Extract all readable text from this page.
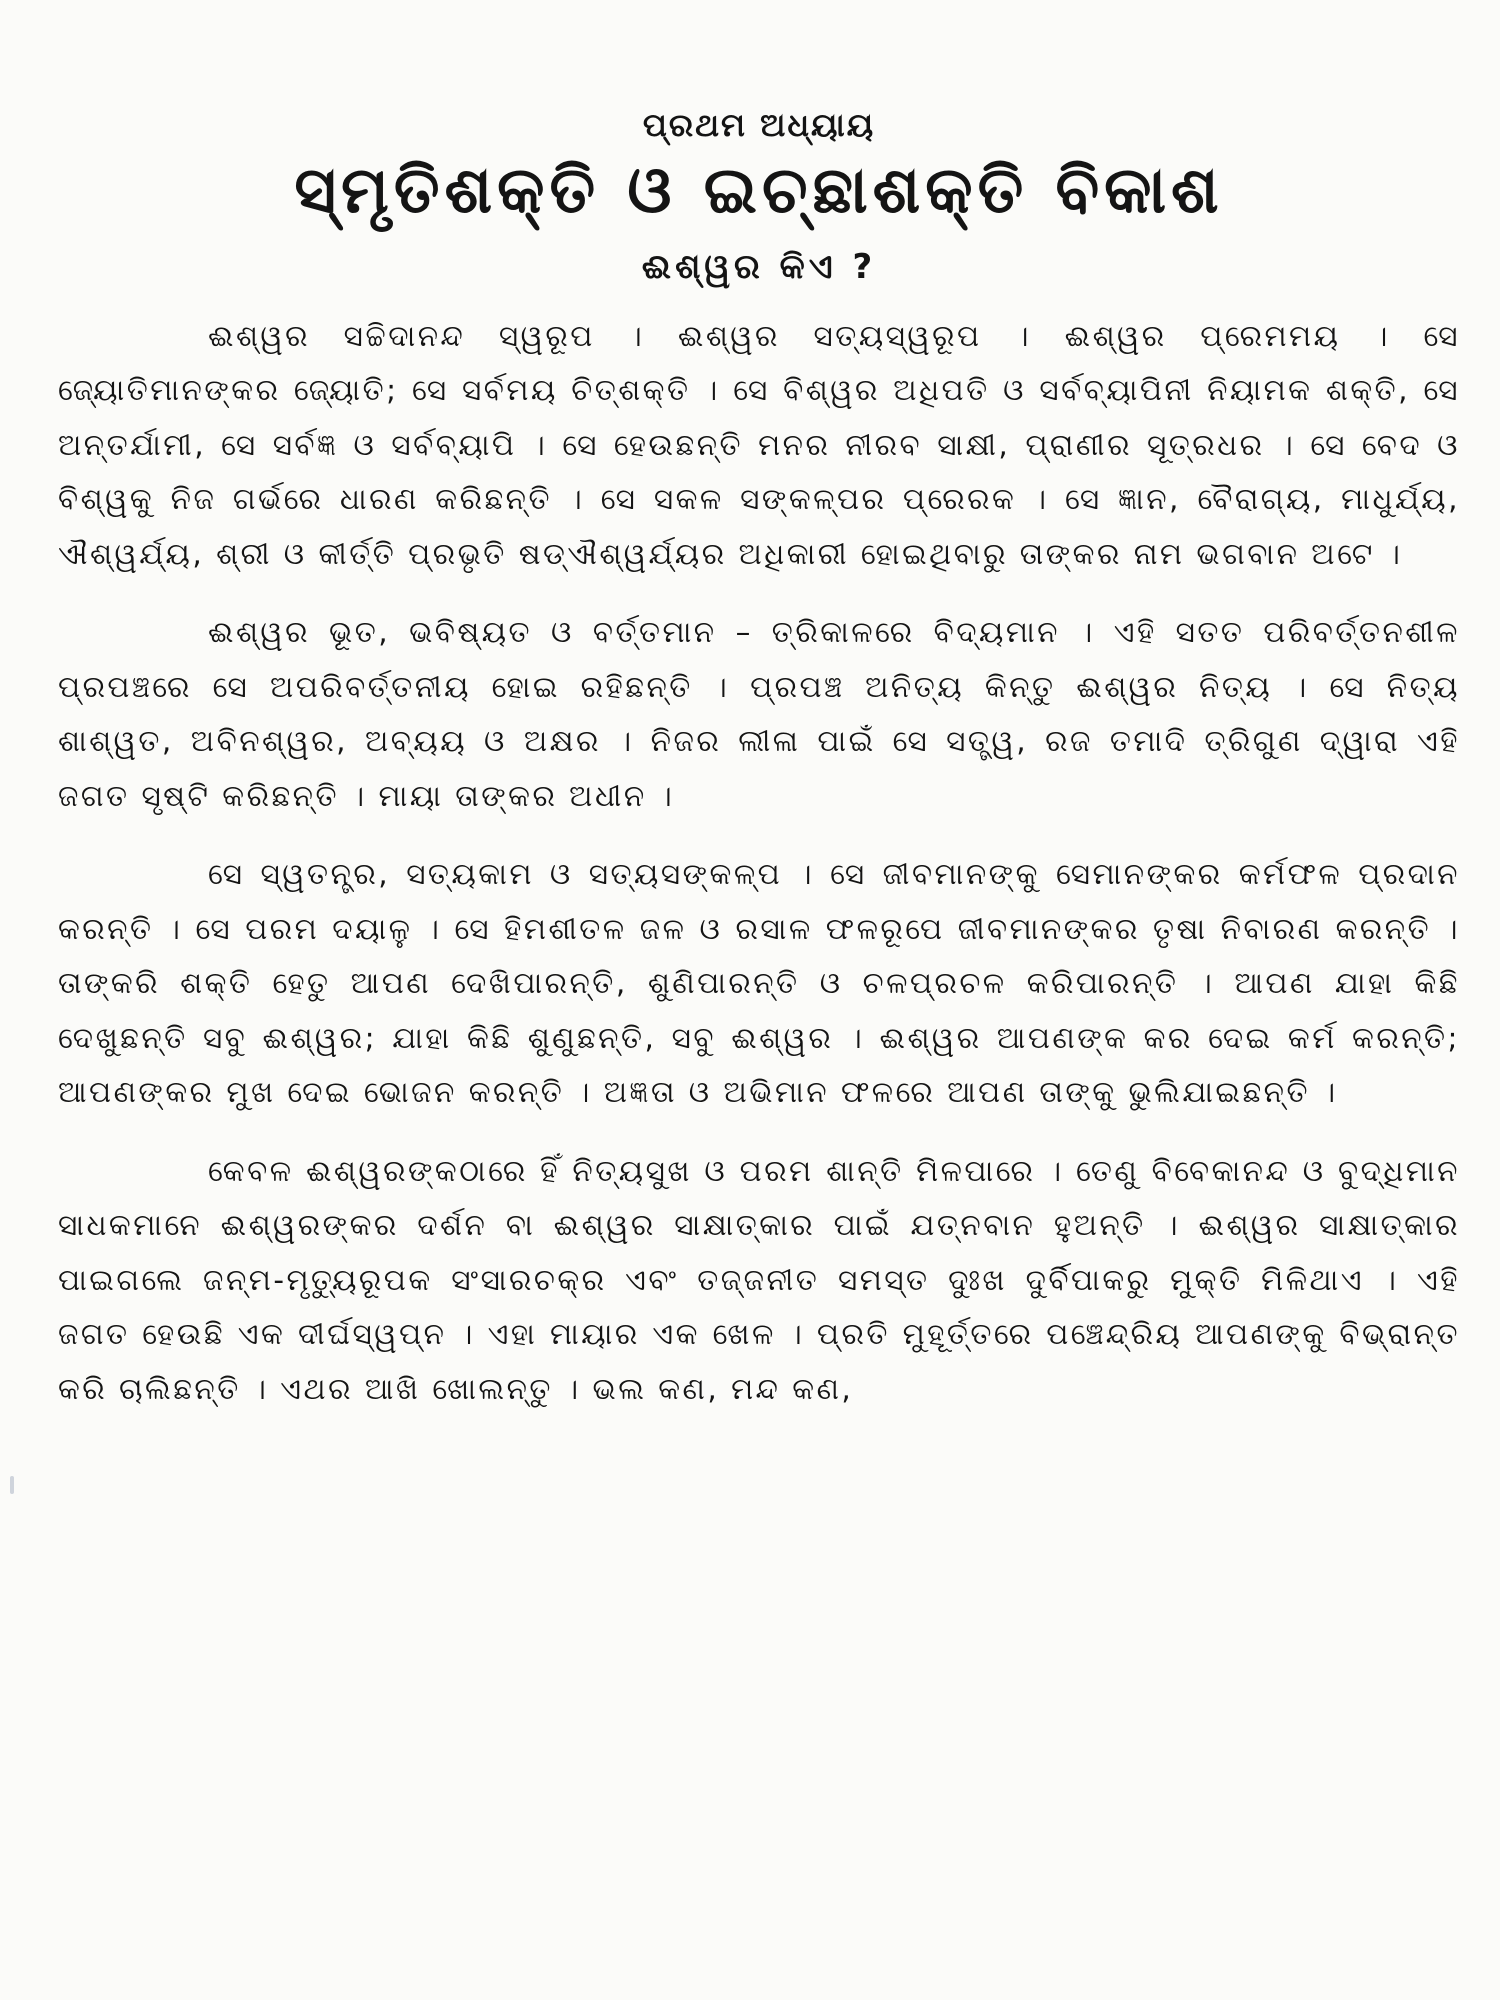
ପ୍ରଥମ ଅଧ୍ୟାୟ
ସ୍ମୃତିଶକ୍ତି ଓ ଇଚ୍ଛାଶକ୍ତି ବିକାଶ
ଈଶ୍ୱର କିଏ ?

ଈଶ୍ୱର ସଚ୍ଚିଦାନନ୍ଦ ସ୍ୱରୂପ । ଈଶ୍ୱର ସତ୍ୟସ୍ୱରୂପ । ଈଶ୍ୱର ପ୍ରେମମୟ । ସେ ଜ୍ୟୋତିମାନଙ୍କର ଜ୍ୟୋତି; ସେ ସର୍ବମୟ ଚିତ୍‌ଶକ୍ତି । ସେ ବିଶ୍ୱର ଅଧିପତି ଓ ସର୍ବବ୍ୟାପିନୀ ନିୟାମକ ଶକ୍ତି, ସେ ଅନ୍ତର୍ଯାମୀ, ସେ ସର୍ବଜ୍ଞ ଓ ସର୍ବବ୍ୟାପି । ସେ ହେଉଛନ୍ତି ମନର ନୀରବ ସାକ୍ଷୀ, ପ୍ରାଣୀର ସୂତ୍ରଧର । ସେ ବେଦ ଓ ବିଶ୍ୱକୁ ନିଜ ଗର୍ଭରେ ଧାରଣ କରିଛନ୍ତି । ସେ ସକଳ ସଙ୍କଳ୍ପର ପ୍ରେରକ । ସେ ଜ୍ଞାନ, ବୈରାଗ୍ୟ, ମାଧୁର୍ଯ୍ୟ, ଐଶ୍ୱର୍ଯ୍ୟ, ଶ୍ରୀ ଓ କୀର୍ତ୍ତି ପ୍ରଭୃତି ଷଡ୍‌ଐଶ୍ୱର୍ଯ୍ୟର ଅଧିକାରୀ ହୋଇଥିବାରୁ ତାଙ୍କର ନାମ ଭଗବାନ ଅଟେ ।

ଈଶ୍ୱର ଭୂତ, ଭବିଷ୍ୟତ ଓ ବର୍ତ୍ତମାନ – ତ୍ରିକାଳରେ ବିଦ୍ୟମାନ । ଏହି ସତତ ପରିବର୍ତ୍ତନଶୀଳ ପ୍ରପଞ୍ଚରେ ସେ ଅପରିବର୍ତ୍ତନୀୟ ହୋଇ ରହିଛନ୍ତି । ପ୍ରପଞ୍ଚ ଅନିତ୍ୟ କିନ୍ତୁ ଈଶ୍ୱର ନିତ୍ୟ । ସେ ନିତ୍ୟ ଶାଶ୍ୱତ, ଅବିନଶ୍ୱର, ଅବ୍ୟୟ ଓ ଅକ୍ଷର । ନିଜର ଲୀଳା ପାଇଁ ସେ ସତ୍ତ୍ୱ, ରଜ ତମାଦି ତ୍ରିଗୁଣ ଦ୍ୱାରା ଏହି ଜଗତ ସୃଷ୍ଟି କରିଛନ୍ତି । ମାୟା ତାଙ୍କର ଅଧୀନ ।

ସେ ସ୍ୱତନ୍ତ୍ର, ସତ୍ୟକାମ ଓ ସତ୍ୟସଙ୍କଳ୍ପ । ସେ ଜୀବମାନଙ୍କୁ ସେମାନଙ୍କର କର୍ମଫଳ ପ୍ରଦାନ କରନ୍ତି । ସେ ପରମ ଦୟାଳୁ । ସେ ହିମଶୀତଳ ଜଳ ଓ ରସାଳ ଫଳରୂପେ ଜୀବମାନଙ୍କର ତୃଷା ନିବାରଣ କରନ୍ତି । ତାଙ୍କରି ଶକ୍ତି ହେତୁ ଆପଣ ଦେଖିପାରନ୍ତି, ଶୁଣିପାରନ୍ତି ଓ ଚଳପ୍ରଚଳ କରିପାରନ୍ତି । ଆପଣ ଯାହା କିଛି ଦେଖୁଛନ୍ତି ସବୁ ଈଶ୍ୱର; ଯାହା କିଛି ଶୁଣୁଛନ୍ତି, ସବୁ ଈଶ୍ୱର । ଈଶ୍ୱର ଆପଣଙ୍କ କର ଦେଇ କର୍ମ କରନ୍ତି; ଆପଣଙ୍କର ମୁଖ ଦେଇ ଭୋଜନ କରନ୍ତି । ଅଜ୍ଞତା ଓ ଅଭିମାନ ଫଳରେ ଆପଣ ତାଙ୍କୁ ଭୁଲିଯାଇଛନ୍ତି ।

କେବଳ ଈଶ୍ୱରଙ୍କଠାରେ ହିଁ ନିତ୍ୟସୁଖ ଓ ପରମ ଶାନ୍ତି ମିଳପାରେ । ତେଣୁ ବିବେକାନନ୍ଦ ଓ ବୁଦ୍ଧିମାନ ସାଧକମାନେ ଈଶ୍ୱରଙ୍କର ଦର୍ଶନ ବା ଈଶ୍ୱର ସାକ୍ଷାତ୍‌କାର ପାଇଁ ଯତ୍ନବାନ ହୁଅନ୍ତି । ଈଶ୍ୱର ସାକ୍ଷାତ୍‌କାର ପାଇଗଲେ ଜନ୍ମ-ମୃତ୍ୟୁରୂପକ ସଂସାରଚକ୍ର ଏବଂ ତଜ୍ଜନୀତ ସମସ୍ତ ଦୁଃଖ ଦୁର୍ବିପାକରୁ ମୁକ୍ତି ମିଳିଥାଏ । ଏହି ଜଗତ ହେଉଛି ଏକ ଦୀର୍ଘସ୍ୱପ୍ନ । ଏହା ମାୟାର ଏକ ଖେଳ । ପ୍ରତି ମୁହୂର୍ତ୍ତରେ ପଞ୍ଚେନ୍ଦ୍ରିୟ ଆପଣଙ୍କୁ ବିଭ୍ରାନ୍ତ କରି ଚାଲିଛନ୍ତି । ଏଥର ଆଖି ଖୋଲନ୍ତୁ । ଭଲ କଣ, ମନ୍ଦ କଣ,
